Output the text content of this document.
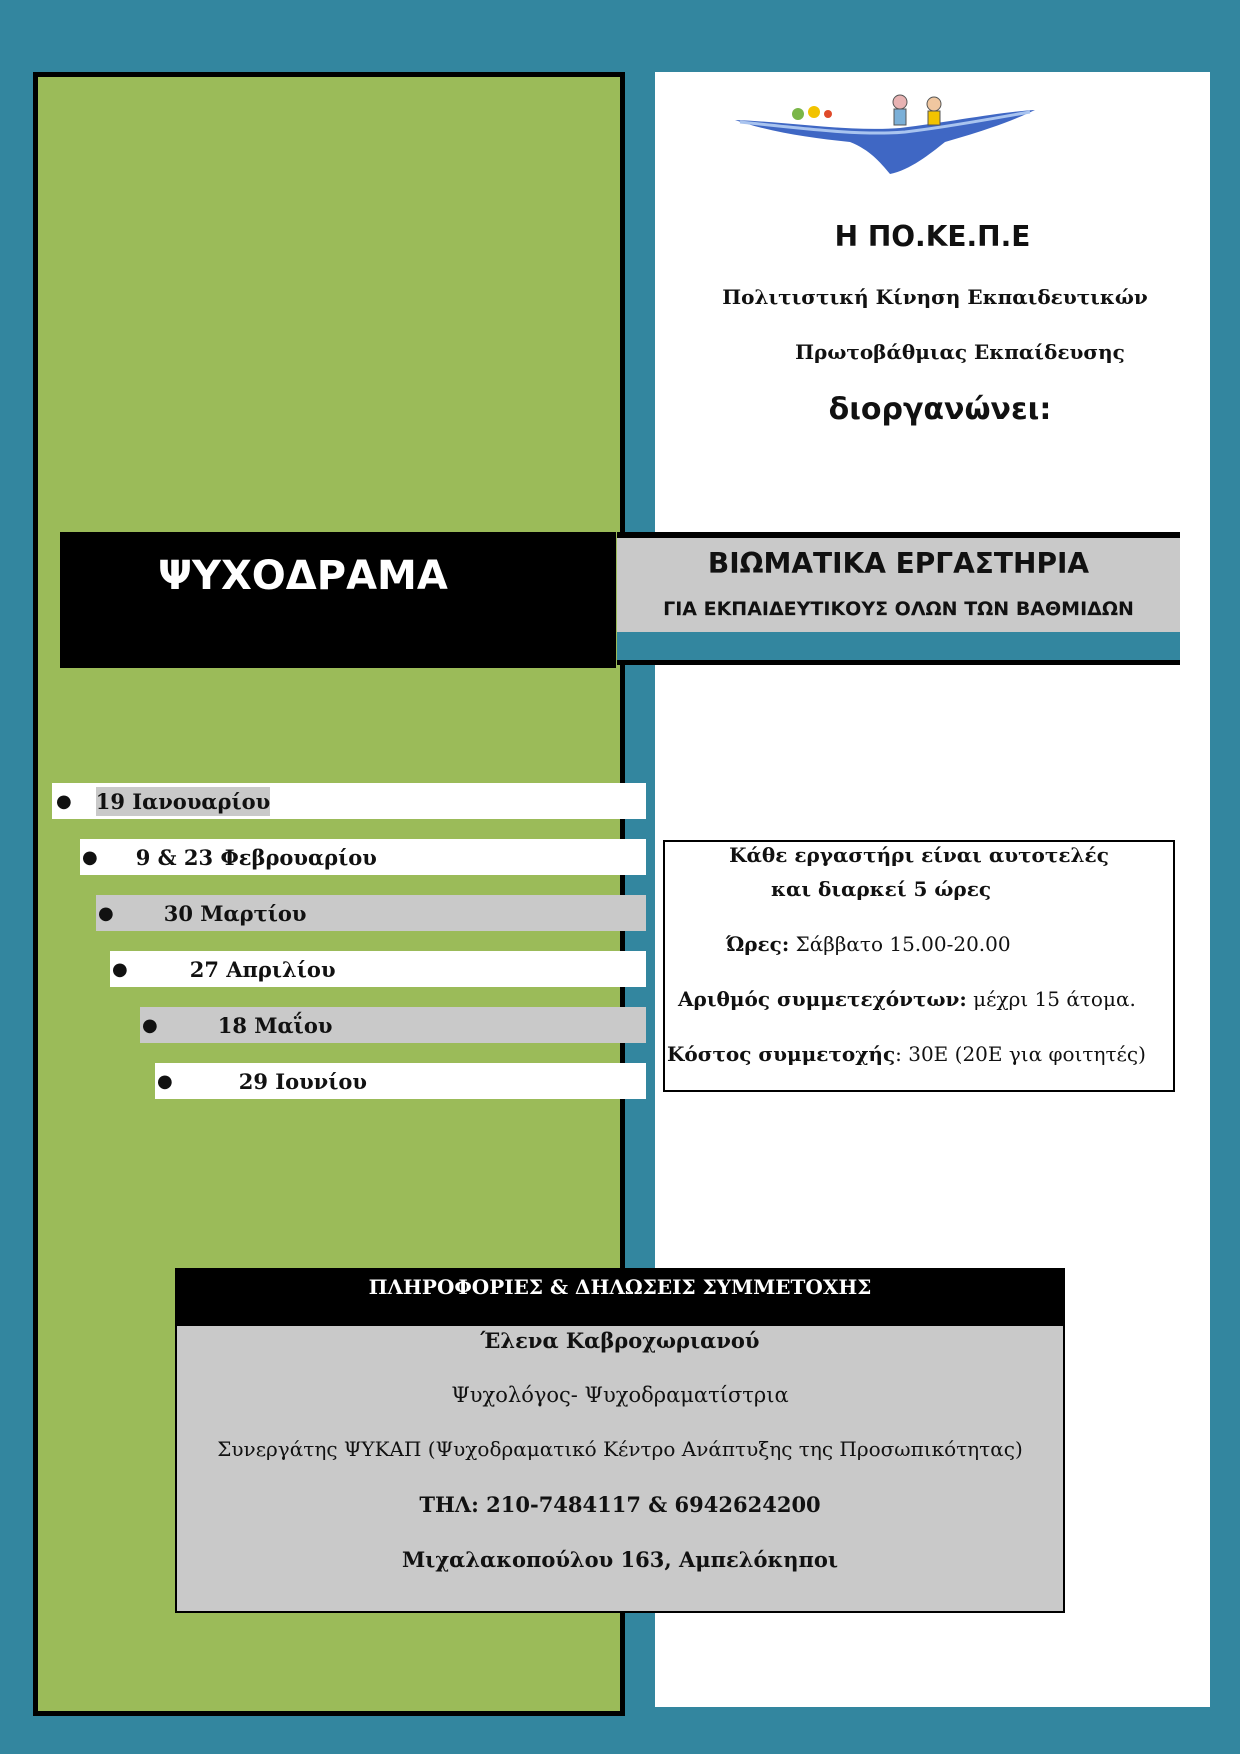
Η ΠΟ.ΚΕ.Π.Ε
Πολιτιστική Κίνηση Εκπαιδευτικών
Πρωτοβάθμιας Εκπαίδευσης
διοργανώνει:
ΨΥΧΟΔΡΑΜΑ	ΒΙΩΜΑΤΙΚΑ ΕΡΓΑΣΤΗΡΙΑ
ΓΙΑ ΕΚΠΑΙΔΕΥΤΙΚΟΥΣ ΟΛΩΝ ΤΩΝ ΒΑΘΜΙΔΩΝ
● 19 Ιανουαρίου
● 9 & 23 Φεβρουαρίου
● 30 Μαρτίου
●	27 Απριλίου
●	18 Μαΐου
●	29 Ιουνίου
Κάθε εργαστήρι είναι αυτοτελές
και διαρκεί 5 ώρες
Ώρες: Σάββατο 15.00-20.00
Αριθμός συμμετεχόντων: μέχρι 15 άτομα.
Κόστος συμμετοχής: 30Ε (20Ε για φοιτητές)
ΠΛΗΡΟΦΟΡΙΕΣ & ΔΗΛΩΣΕΙΣ ΣΥΜΜΕΤΟΧΗΣ
Έλενα Καβροχωριανού
Ψυχολόγος- Ψυχοδραματίστρια
Συνεργάτης ΨΥΚΑΠ (Ψυχοδραματικό Κέντρο Ανάπτυξης της Προσωπικότητας)
ΤΗΛ: 210-7484117 & 6942624200
Μιχαλακοπούλου 163, Αμπελόκηποι
